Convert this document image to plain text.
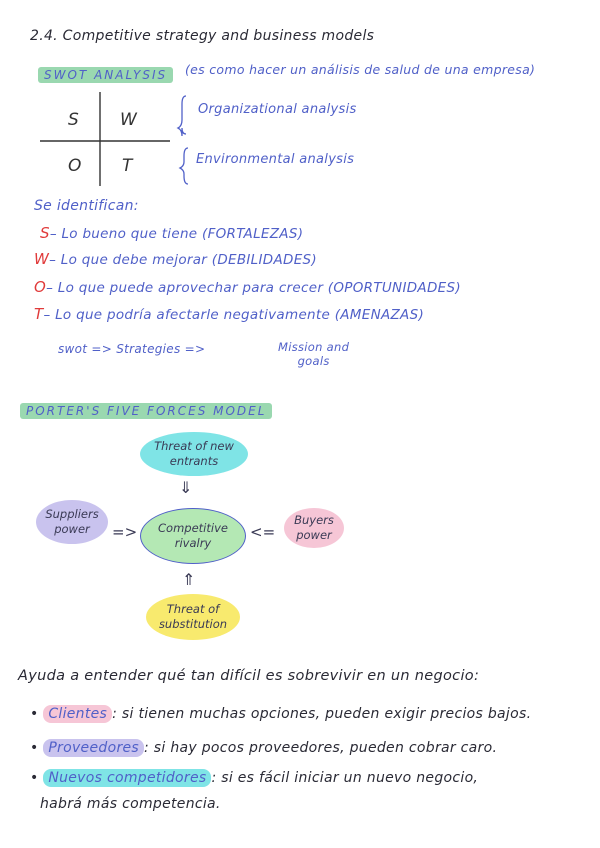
2.4. Competitive strategy and business models
SWOT ANALYSIS	(es como hacer un análisis de salud de una empresa)
S W
O T
Organizational analysis
Environmental analysis
Se identifican:
S– Lo bueno que tiene (FORTALEZAS)
W– Lo que debe mejorar (DEBILIDADES)
O– Lo que puede aprovechar para crecer (OPORTUNIDADES)
T– Lo que podría afectarle negativamente (AMENAZAS)
swot => Strategies =>	Mission and
goals
PORTER'S FIVE FORCES MODEL
Threat of new entrants
⇓
Suppliers power	=>	Competitive rivalry
<=
Buyers power
⇑
Threat of substitution
Ayuda a entender qué tan difícil es sobrevivir en un negocio:
• Clientes : si tienen muchas opciones, pueden exigir precios bajos.
• Proveedores : si hay pocos proveedores, pueden cobrar caro.
• Nuevos competidores : si es fácil iniciar un nuevo negocio,
habrá más competencia.
